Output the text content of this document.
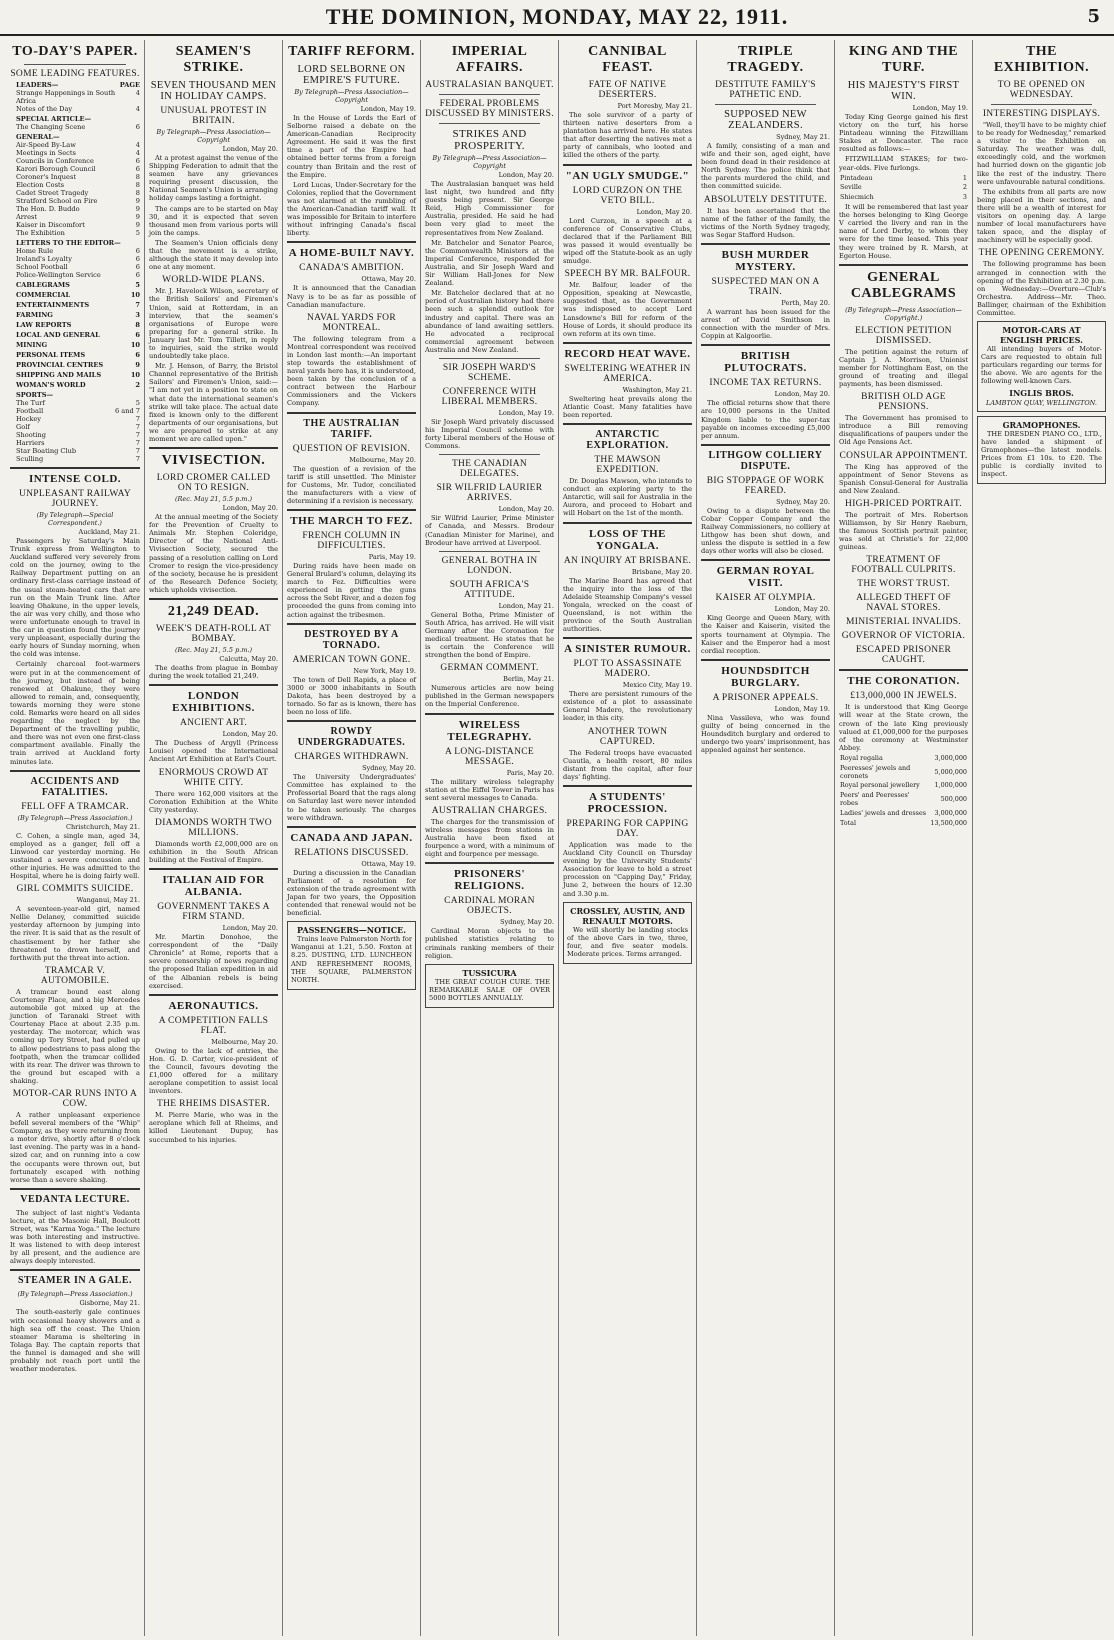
THE DOMINION, MONDAY, MAY 22, 1911.	5
TO-DAY'S PAPER.
SOME LEADING FEATURES.
LEADERS—	PAGE
Strange Happenings in South Africa
4
Notes of the Day	4
SPECIAL ARTICLE—
The Changing Scene	6
GENERAL—
Air-Speed By-Law	4
Meetings in Sects	4
Councils in Conference	6
Karori Borough Council	6
Coroner's Inquest	8
Election Costs	8
Cadet Street Tragedy	8
Stratford School on Fire	9
The Hon. D. Buddo	9
Arrest	9
Kaiser in Discomfort	9
The Exhibition	5
LETTERS TO THE EDITOR—
Home Rule	6
Ireland's Loyalty	6
School Football	6
Police-Wellington Service	6
CABLEGRAMS	5
COMMERCIAL	10
ENTERTAINMENTS	7
FARMING	3
LAW REPORTS	8
LOCAL AND GENERAL	6
MINING	10
PERSONAL ITEMS	6
PROVINCIAL CENTRES	9
SHIPPING AND MAILS	10
WOMAN'S WORLD	2
SPORTS—
The Turf	5
Football	6 and 7
Hockey	7
Golf	7
Shooting	7
Harriers	7
Star Boating Club	7
Sculling	7
INTENSE COLD.
UNPLEASANT RAILWAY JOURNEY.

(By Telegraph—Special Correspondent.)

Auckland, May 21.

Passengers by Saturday's Main Trunk express from Wellington to Auckland suffered very severely from cold on the journey, owing to the Railway Department putting on an ordinary first-class carriage instead of the usual steam-heated cars that are run on the Main Trunk line. After leaving Ohakune, in the upper levels, the air was very chilly, and those who were unfortunate enough to travel in the car in question found the journey very unpleasant, especially during the early hours of Sunday morning, when the cold was intense.

Certainly charcoal foot-warmers were put in at the commencement of the journey, but instead of being renewed at Ohakune, they were allowed to remain, and, consequently, towards morning they were stone cold. Remarks were heard on all sides regarding the neglect by the Department of the travelling public, and there was not even one first-class compartment available. Finally the train arrived at Auckland forty minutes late.

ACCIDENTS AND FATALITIES.
FELL OFF A TRAMCAR.

(By Telegraph—Press Association.)

Christchurch, May 21.

C. Cohen, a single man, aged 34, employed as a ganger, fell off a Linwood car yesterday morning. He sustained a severe concussion and other injuries. He was admitted to the Hospital, where he is doing fairly well.

GIRL COMMITS SUICIDE.

Wanganui, May 21.

A seventeen-year-old girl, named Nellie Delaney, committed suicide yesterday afternoon by jumping into the river. It is said that as the result of chastisement by her father she threatened to drown herself, and forthwith put the threat into action.

TRAMCAR V. AUTOMOBILE.

A tramcar bound east along Courtenay Place, and a big Mercedes automobile got mixed up at the junction of Taranaki Street with Courtenay Place at about 2.35 p.m. yesterday. The motorcar, which was coming up Tory Street, had pulled up to allow pedestrians to pass along the footpath, when the tramcar collided with its rear. The driver was thrown to the ground but escaped with a shaking.

MOTOR-CAR RUNS INTO A COW.

A rather unpleasant experience befell several members of the "Whip" Company, as they were returning from a motor drive, shortly after 8 o'clock last evening. The party was in a hand-sized car, and on running into a cow the occupants were thrown out, but fortunately escaped with nothing worse than a severe shaking.

VEDANTA LECTURE.

The subject of last night's Vedanta lecture, at the Masonic Hall, Boulcott Street, was "Karma Yoga." The lecture was both interesting and instructive. It was listened to with deep interest by all present, and the audience are always deeply interested.

STEAMER IN A GALE.

(By Telegraph—Press Association.)

Gisborne, May 21.

The south-easterly gale continues with occasional heavy showers and a high sea off the coast. The Union steamer Marama is sheltering in Tolaga Bay. The captain reports that the funnel is damaged and she will probably not reach port until the weather moderates.

SEAMEN'S STRIKE.
SEVEN THOUSAND MEN IN HOLIDAY CAMPS.
UNUSUAL PROTEST IN BRITAIN.

By Telegraph—Press Association—Copyright

London, May 20.

At a protest against the venue of the Shipping Federation to admit that the seamen have any grievances requiring present discussion, the National Seamen's Union is arranging holiday camps lasting a fortnight.

The camps are to be started on May 30, and it is expected that seven thousand men from various ports will join the camps.

The Seamen's Union officials deny that the movement is a strike, although the state it may develop into one at any moment.

WORLD-WIDE PLANS.

Mr. J. Havelock Wilson, secretary of the British Sailors' and Firemen's Union, said at Rotterdam, in an interview, that the seamen's organisations of Europe were preparing for a general strike. In January last Mr. Tom Tillett, in reply to inquiries, said the strike would undoubtedly take place.

Mr. J. Henson, of Barry, the Bristol Channel representative of the British Sailors' and Firemen's Union, said:— "I am not yet in a position to state on what date the international seamen's strike will take place. The actual date fixed is known only to the different departments of our organisations, but we are prepared to strike at any moment we are called upon."

VIVISECTION.
LORD CROMER CALLED ON TO RESIGN.

(Rec. May 21, 5.5 p.m.)

London, May 20.

At the annual meeting of the Society for the Prevention of Cruelty to Animals Mr. Stephen Coleridge, Director of the National Anti-Vivisection Society, secured the passing of a resolution calling on Lord Cromer to resign the vice-presidency of the society, because he is president of the Research Defence Society, which upholds vivisection.

21,249 DEAD.
WEEK'S DEATH-ROLL AT BOMBAY.

(Rec. May 21, 5.5 p.m.)

Calcutta, May 20.

The deaths from plague in Bombay during the week totalled 21,249.

LONDON EXHIBITIONS.
ANCIENT ART.

London, May 20.

The Duchess of Argyll (Princess Louise) opened the International Ancient Art Exhibition at Earl's Court.

ENORMOUS CROWD AT WHITE CITY.

There were 162,000 visitors at the Coronation Exhibition at the White City yesterday.

DIAMONDS WORTH TWO MILLIONS.

Diamonds worth £2,000,000 are on exhibition in the South African building at the Festival of Empire.

ITALIAN AID FOR ALBANIA.
GOVERNMENT TAKES A FIRM STAND.

London, May 20.

Mr. Martin Donohoe, the correspondent of the "Daily Chronicle" at Rome, reports that a severe censorship of news regarding the proposed Italian expedition in aid of the Albanian rebels is being exercised.

AERONAUTICS.
A COMPETITION FALLS FLAT.

Melbourne, May 20.

Owing to the lack of entries, the Hon. G. D. Carter, vice-president of the Council, favours devoting the £1,000 offered for a military aeroplane competition to assist local inventors.

THE RHEIMS DISASTER.

M. Pierre Marie, who was in the aeroplane which fell at Rheims, and killed Lieutenant Dupuy, has succumbed to his injuries.

TARIFF REFORM.
LORD SELBORNE ON EMPIRE'S FUTURE.

By Telegraph—Press Association—Copyright

London, May 19.

In the House of Lords the Earl of Selborne raised a debate on the American-Canadian Reciprocity Agreement. He said it was the first time a part of the Empire had obtained better terms from a foreign country than Britain and the rest of the Empire.

Lord Lucas, Under-Secretary for the Colonies, replied that the Government was not alarmed at the rumbling of the American-Canadian tariff wall. It was impossible for Britain to interfere without infringing Canada's fiscal liberty.

A HOME-BUILT NAVY.
CANADA'S AMBITION.

Ottawa, May 20.

It is announced that the Canadian Navy is to be as far as possible of Canadian manufacture.

NAVAL YARDS FOR MONTREAL.

The following telegram from a Montreal correspondent was received in London last month:—An important step towards the establishment of naval yards here has, it is understood, been taken by the conclusion of a contract between the Harbour Commissioners and the Vickers Company.

THE AUSTRALIAN TARIFF.
QUESTION OF REVISION.

Melbourne, May 20.

The question of a revision of the tariff is still unsettled. The Minister for Customs, Mr. Tudor, conciliated the manufacturers with a view of determining if a revision is necessary.

THE MARCH TO FEZ.
FRENCH COLUMN IN DIFFICULTIES.

Paris, May 19.

During raids have been made on General Brulard's column, delaying its march to Fez. Difficulties were experienced in getting the guns across the Sebt River, and a dozen fog proceeded the guns from coming into action against the tribesmen.

DESTROYED BY A TORNADO.
AMERICAN TOWN GONE.

New York, May 19.

The town of Dell Rapids, a place of 3000 or 3000 inhabitants in South Dakota, has been destroyed by a tornado. So far as is known, there has been no loss of life.

ROWDY UNDERGRADUATES.
CHARGES WITHDRAWN.

Sydney, May 20.

The University Undergraduates' Committee has explained to the Professorial Board that the rags along on Saturday last were never intended to be taken seriously. The charges were withdrawn.

CANADA AND JAPAN.
RELATIONS DISCUSSED.

Ottawa, May 19.

During a discussion in the Canadian Parliament of a resolution for extension of the trade agreement with Japan for two years, the Opposition contended that renewal would not be beneficial.

PASSENGERS—NOTICE.

Trains leave Palmerston North for Wanganui at 1.21, 5.50. Foxton at 8.25. DUSTING, LTD. LUNCHEON AND REFRESHMENT ROOMS, THE SQUARE, PALMERSTON NORTH.

IMPERIAL AFFAIRS.
AUSTRALASIAN BANQUET.
FEDERAL PROBLEMS DISCUSSED BY MINISTERS.
STRIKES AND PROSPERITY.

By Telegraph—Press Association—Copyright

London, May 20.

The Australasian banquet was held last night, two hundred and fifty guests being present. Sir George Reid, High Commissioner for Australia, presided. He said he had been very glad to meet the representatives from New Zealand.

Mr. Batchelor and Senator Pearce, the Commonwealth Ministers at the Imperial Conference, responded for Australia, and Sir Joseph Ward and Sir William Hall-Jones for New Zealand.

Mr. Batchelor declared that at no period of Australian history had there been such a splendid outlook for industry and capital. There was an abundance of land awaiting settlers. He advocated a reciprocal commercial agreement between Australia and New Zealand.

SIR JOSEPH WARD'S SCHEME.
CONFERENCE WITH LIBERAL MEMBERS.

London, May 19.

Sir Joseph Ward privately discussed his Imperial Council scheme with forty Liberal members of the House of Commons.

THE CANADIAN DELEGATES.
SIR WILFRID LAURIER ARRIVES.

London, May 20.

Sir Wilfrid Laurier, Prime Minister of Canada, and Messrs. Brodeur (Canadian Minister for Marine), and Brodeur have arrived at Liverpool.

GENERAL BOTHA IN LONDON.
SOUTH AFRICA'S ATTITUDE.

London, May 21.

General Botha, Prime Minister of South Africa, has arrived. He will visit Germany after the Coronation for medical treatment. He states that he is certain the Conference will strengthen the bond of Empire.

GERMAN COMMENT.

Berlin, May 21.

Numerous articles are now being published in the German newspapers on the Imperial Conference.

WIRELESS TELEGRAPHY.
A LONG-DISTANCE MESSAGE.

Paris, May 20.

The military wireless telegraphy station at the Eiffel Tower in Paris has sent several messages to Canada.

AUSTRALIAN CHARGES.

The charges for the transmission of wireless messages from stations in Australia have been fixed at fourpence a word, with a minimum of eight and fourpence per message.

PRISONERS' RELIGIONS.
CARDINAL MORAN OBJECTS.

Sydney, May 20.

Cardinal Moran objects to the published statistics relating to criminals ranking members of their religion.

TUSSICURA

THE GREAT COUGH CURE. THE REMARKABLE SALE OF OVER 5000 BOTTLES ANNUALLY.

CANNIBAL FEAST.
FATE OF NATIVE DESERTERS.

Port Moresby, May 21.

The sole survivor of a party of thirteen native deserters from a plantation has arrived here. He states that after deserting the natives met a party of cannibals, who looted and killed the others of the party.

"AN UGLY SMUDGE."
LORD CURZON ON THE VETO BILL.

London, May 20.

Lord Curzon, in a speech at a conference of Conservative Clubs, declared that if the Parliament Bill was passed it would eventually be wiped off the Statute-book as an ugly smudge.

SPEECH BY MR. BALFOUR.

Mr. Balfour, leader of the Opposition, speaking at Newcastle, suggested that, as the Government was indisposed to accept Lord Lansdowne's Bill for reform of the House of Lords, it should produce its own reform at its own time.

RECORD HEAT WAVE.
SWELTERING WEATHER IN AMERICA.

Washington, May 21.

Sweltering heat prevails along the Atlantic Coast. Many fatalities have been reported.

ANTARCTIC EXPLORATION.
THE MAWSON EXPEDITION.

Dr. Douglas Mawson, who intends to conduct an exploring party to the Antarctic, will sail for Australia in the Aurora, and proceed to Hobart and will Hobart on the 1st of the month.

LOSS OF THE YONGALA.
AN INQUIRY AT BRISBANE.

Brisbane, May 20.

The Marine Board has agreed that the inquiry into the loss of the Adelaide Steamship Company's vessel Yongala, wrecked on the coast of Queensland, is not within the province of the South Australian authorities.

A SINISTER RUMOUR.
PLOT TO ASSASSINATE MADERO.

Mexico City, May 19.

There are persistent rumours of the existence of a plot to assassinate General Madero, the revolutionary leader, in this city.

ANOTHER TOWN CAPTURED.

The Federal troops have evacuated Cuautla, a health resort, 80 miles distant from the capital, after four days' fighting.

A STUDENTS' PROCESSION.
PREPARING FOR CAPPING DAY.

Application was made to the Auckland City Council on Thursday evening by the University Students' Association for leave to hold a street procession on "Capping Day," Friday, June 2, between the hours of 12.30 and 3.30 p.m.

CROSSLEY, AUSTIN, AND RENAULT MOTORS.

We will shortly be landing stocks of the above Cars in two, three, four, and five seater models. Moderate prices. Terms arranged.

TRIPLE TRAGEDY.
DESTITUTE FAMILY'S PATHETIC END.
SUPPOSED NEW ZEALANDERS.

Sydney, May 21.

A family, consisting of a man and wife and their son, aged eight, have been found dead in their residence at North Sydney. The police think that the parents murdered the child, and then committed suicide.

ABSOLUTELY DESTITUTE.

It has been ascertained that the name of the father of the family, the victims of the North Sydney tragedy, was Segar Stafford Hudson.

BUSH MURDER MYSTERY.
SUSPECTED MAN ON A TRAIN.

Perth, May 20.

A warrant has been issued for the arrest of David Smithson in connection with the murder of Mrs. Coppin at Kalgoorlie.

BRITISH PLUTOCRATS.
INCOME TAX RETURNS.

London, May 20.

The official returns show that there are 10,000 persons in the United Kingdom liable to the super-tax payable on incomes exceeding £5,000 per annum.

LITHGOW COLLIERY DISPUTE.
BIG STOPPAGE OF WORK FEARED.

Sydney, May 20.

Owing to a dispute between the Cobar Copper Company and the Railway Commissioners, no colliery at Lithgow has been shut down, and unless the dispute is settled in a few days other works will also be closed.

GERMAN ROYAL VISIT.
KAISER AT OLYMPIA.

London, May 20.

King George and Queen Mary, with the Kaiser and Kaiserin, visited the sports tournament at Olympia. The Kaiser and the Emperor had a most cordial reception.

HOUNDSDITCH BURGLARY.
A PRISONER APPEALS.

London, May 19.

Nina Vassileva, who was found guilty of being concerned in the Houndsditch burglary and ordered to undergo two years' imprisonment, has appealed against her sentence.

KING AND THE TURF.
HIS MAJESTY'S FIRST WIN.

London, May 19.

Today King George gained his first victory on the turf, his horse Pintadeau winning the Fitzwilliam Stakes at Doncaster. The race resulted as follows:—

FITZWILLIAM STAKES; for two-year-olds. Five furlongs.

Pintadeau	1
Seville	2
Shiecmich	3

It will be remembered that last year the horses belonging to King George V carried the livery and ran in the name of Lord Derby, to whom they were for the time leased. This year they were trained by R. Marsh, at Egerton House.

GENERAL CABLEGRAMS

(By Telegraph—Press Association—Copyright.)

ELECTION PETITION DISMISSED.

The petition against the return of Captain J. A. Morrison, Unionist member for Nottingham East, on the ground of treating and illegal payments, has been dismissed.

BRITISH OLD AGE PENSIONS.

The Government has promised to introduce a Bill removing disqualifications of paupers under the Old Age Pensions Act.

CONSULAR APPOINTMENT.

The King has approved of the appointment of Senor Stevens as Spanish Consul-General for Australia and New Zealand.

HIGH-PRICED PORTRAIT.

The portrait of Mrs. Robertson Williamson, by Sir Henry Raeburn, the famous Scottish portrait painter, was sold at Christie's for 22,000 guineas.

TREATMENT OF FOOTBALL CULPRITS.
THE WORST TRUST.
ALLEGED THEFT OF NAVAL STORES.
MINISTERIAL INVALIDS.
GOVERNOR OF VICTORIA.
ESCAPED PRISONER CAUGHT.
THE CORONATION.
£13,000,000 IN JEWELS.

It is understood that King George will wear at the State crown, the crown of the late King previously valued at £1,000,000 for the purposes of the ceremony at Westminster Abbey.

Royal regalia	3,000,000
Peeresses' jewels and coronets	5,000,000
Royal personal jewellery	1,000,000
Peers' and Peeresses' robes	500,000
Ladies' jewels and dresses	3,000,000
Total	13,500,000
THE EXHIBITION.
TO BE OPENED ON WEDNESDAY.
INTERESTING DISPLAYS.

"Well, they'll have to be mighty chief to be ready for Wednesday," remarked a visitor to the Exhibition on Saturday. The weather was dull, exceedingly cold, and the workmen had hurried down on the gigantic job like the rest of the industry. There were unfavourable natural conditions.

The exhibits from all parts are now being placed in their sections, and there will be a wealth of interest for visitors on opening day. A large number of local manufacturers have taken space, and the display of machinery will be especially good.

THE OPENING CEREMONY.

The following programme has been arranged in connection with the opening of the Exhibition at 2.30 p.m. on Wednesday:—Overture—Club's Orchestra. Address—Mr. Theo. Ballinger, chairman of the Exhibition Committee.

MOTOR-CARS AT ENGLISH PRICES.

All intending buyers of Motor-Cars are requested to obtain full particulars regarding our terms for the above. We are agents for the following well-known Cars.

INGLIS BROS.

LAMBTON QUAY, WELLINGTON.

GRAMOPHONES.

THE DRESDEN PIANO CO., LTD., have landed a shipment of Gramophones—the latest models. Prices from £1 10s. to £20. The public is cordially invited to inspect.
